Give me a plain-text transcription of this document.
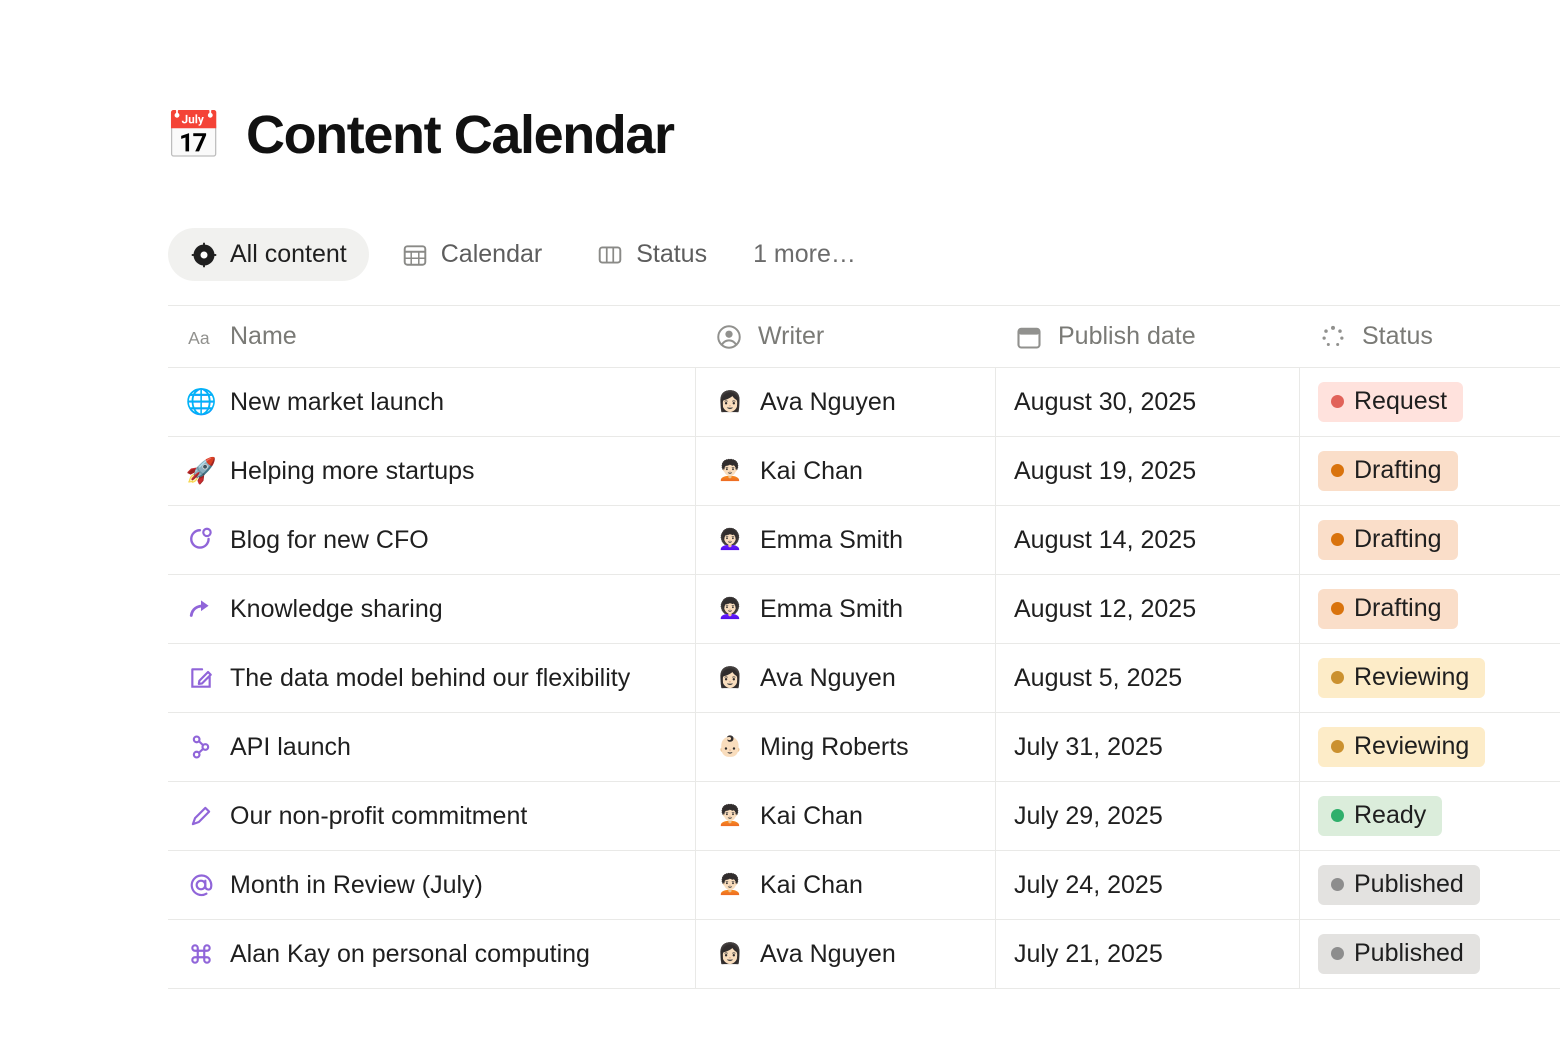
📅 Content Calendar
All content	Calendar	Status	1 more…
Aa Name	Writer	Publish date	Status
🌐 New market launch	👩🏻 Ava Nguyen	August 30, 2025	Request
🚀 Helping more startups	🧑🏻‍🦱 Kai Chan	August 19, 2025	Drafting
Blog for new CFO	👩🏻‍🦱 Emma Smith	August 14, 2025	Drafting
Knowledge sharing	👩🏻‍🦱 Emma Smith	August 12, 2025	Drafting
The data model behind our flexibility	👩🏻 Ava Nguyen	August 5, 2025	Reviewing
API launch	👶🏻 Ming Roberts	July 31, 2025	Reviewing
Our non-profit commitment	🧑🏻‍🦱 Kai Chan	July 29, 2025	Ready
Month in Review (July)	🧑🏻‍🦱 Kai Chan	July 24, 2025	Published
Alan Kay on personal computing	👩🏻 Ava Nguyen	July 21, 2025	Published
